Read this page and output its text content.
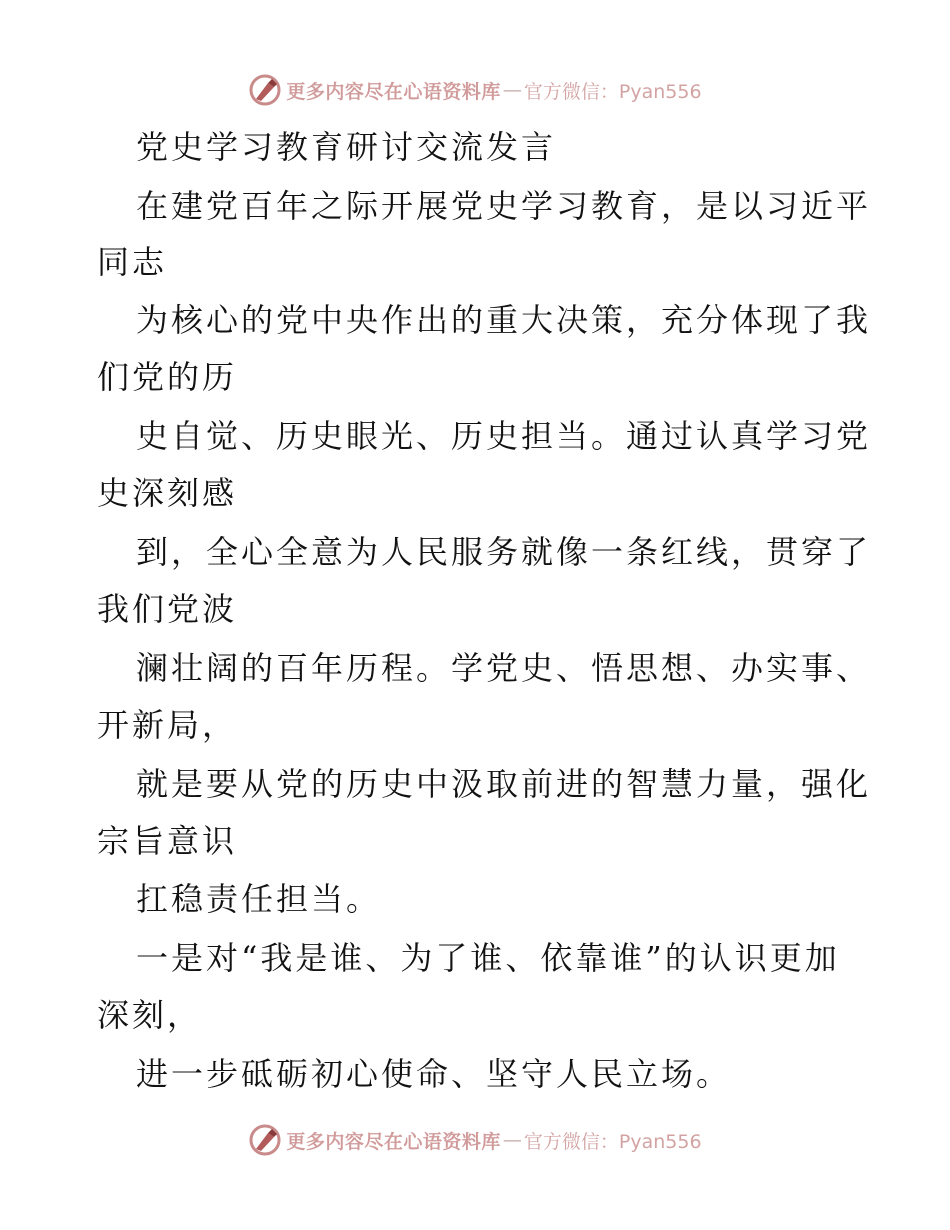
更多内容尽在心语资料库 — 官方微信：Pyan556
党史学习教育研讨交流发言
在建党百年之际开展党史学习教育，是以习近平
同志
为核心的党中央作出的重大决策，充分体现了我
们党的历
史自觉、历史眼光、历史担当。通过认真学习党
史深刻感
到，全心全意为人民服务就像一条红线，贯穿了
我们党波
澜壮阔的百年历程。学党史、悟思想、办实事、
开新局，
就是要从党的历史中汲取前进的智慧力量，强化
宗旨意识
扛稳责任担当。
一是对“我是谁、为了谁、依靠谁”的认识更加
深刻，
进一步砥砺初心使命、坚守人民立场。
更多内容尽在心语资料库 — 官方微信：Pyan556
